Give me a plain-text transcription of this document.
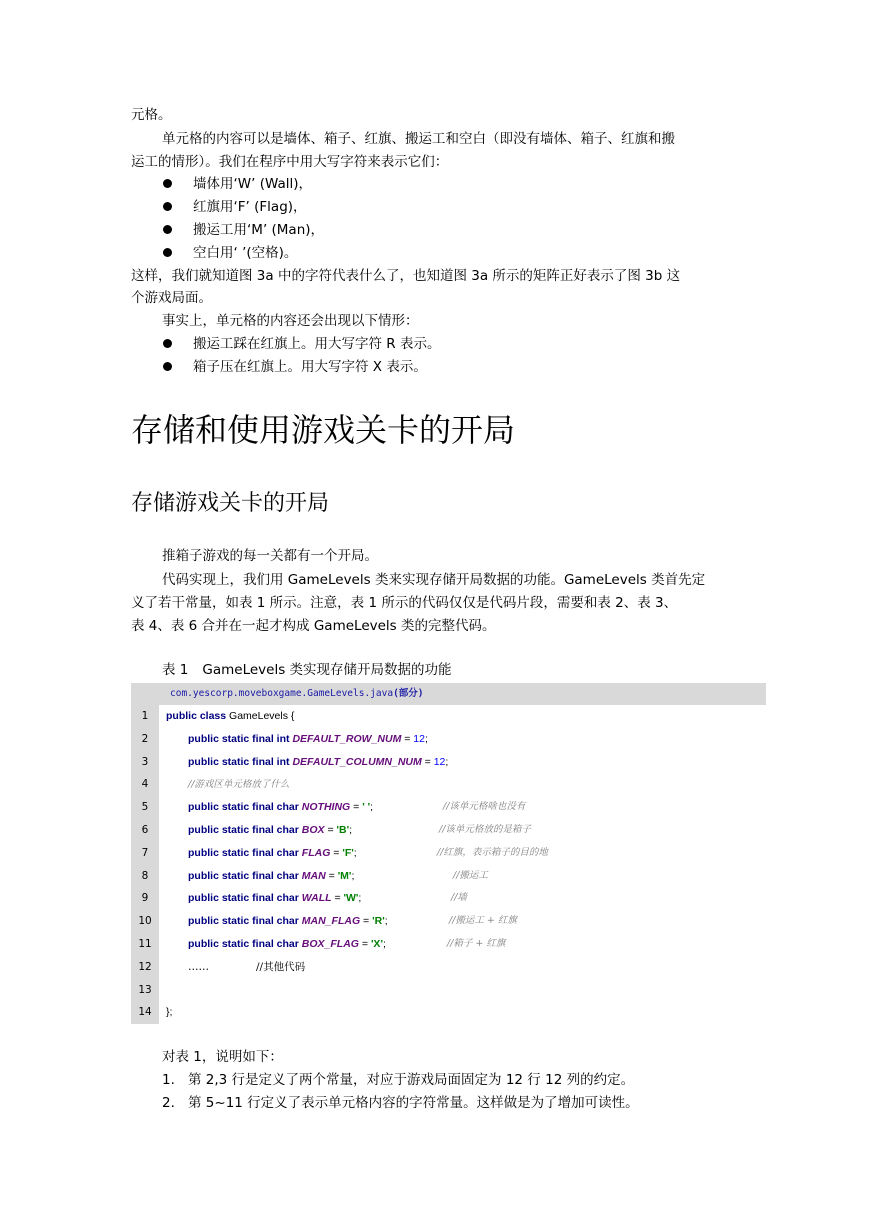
元格。
单元格的内容可以是墙体、箱子、红旗、搬运工和空白（即没有墙体、箱子、红旗和搬
运工的情形）。我们在程序中用大写字符来表示它们：
墙体用‘W’ (Wall)，
红旗用‘F’ (Flag)，
搬运工用‘M’ (Man)，
空白用‘ ’(空格)。
这样，我们就知道图 3a 中的字符代表什么了，也知道图 3a 所示的矩阵正好表示了图 3b 这
个游戏局面。
事实上，单元格的内容还会出现以下情形：
搬运工踩在红旗上。用大写字符 R 表示。
箱子压在红旗上。用大写字符 X 表示。
存储和使用游戏关卡的开局
存储游戏关卡的开局
推箱子游戏的每一关都有一个开局。
代码实现上，我们用 GameLevels 类来实现存储开局数据的功能。GameLevels 类首先定
义了若干常量，如表 1 所示。注意，表 1 所示的代码仅仅是代码片段，需要和表 2、表 3、
表 4、表 6 合并在一起才构成 GameLevels 类的完整代码。
表 1 GameLevels 类实现存储开局数据的功能
com.yescorp.moveboxgame.GameLevels.java(部分)
1	public class GameLevels {
2	public static final int DEFAULT_ROW_NUM = 12;
3	public static final int DEFAULT_COLUMN_NUM = 12;
4	//游戏区单元格放了什么
5	public static final char NOTHING = ' ';	//该单元格啥也没有
6	public static final char BOX = 'B';	//该单元格放的是箱子
7	public static final char FLAG = 'F';	//红旗，表示箱子的目的地
8	public static final char MAN = 'M';	//搬运工
9	public static final char WALL = 'W';	//墙
10	public static final char MAN_FLAG = 'R';	//搬运工 + 红旗
11	public static final char BOX_FLAG = 'X';	//箱子 + 红旗
12	……	//其他代码
13
14	};
对表 1，说明如下：
1. 第 2,3 行是定义了两个常量，对应于游戏局面固定为 12 行 12 列的约定。
2. 第 5~11 行定义了表示单元格内容的字符常量。这样做是为了增加可读性。
